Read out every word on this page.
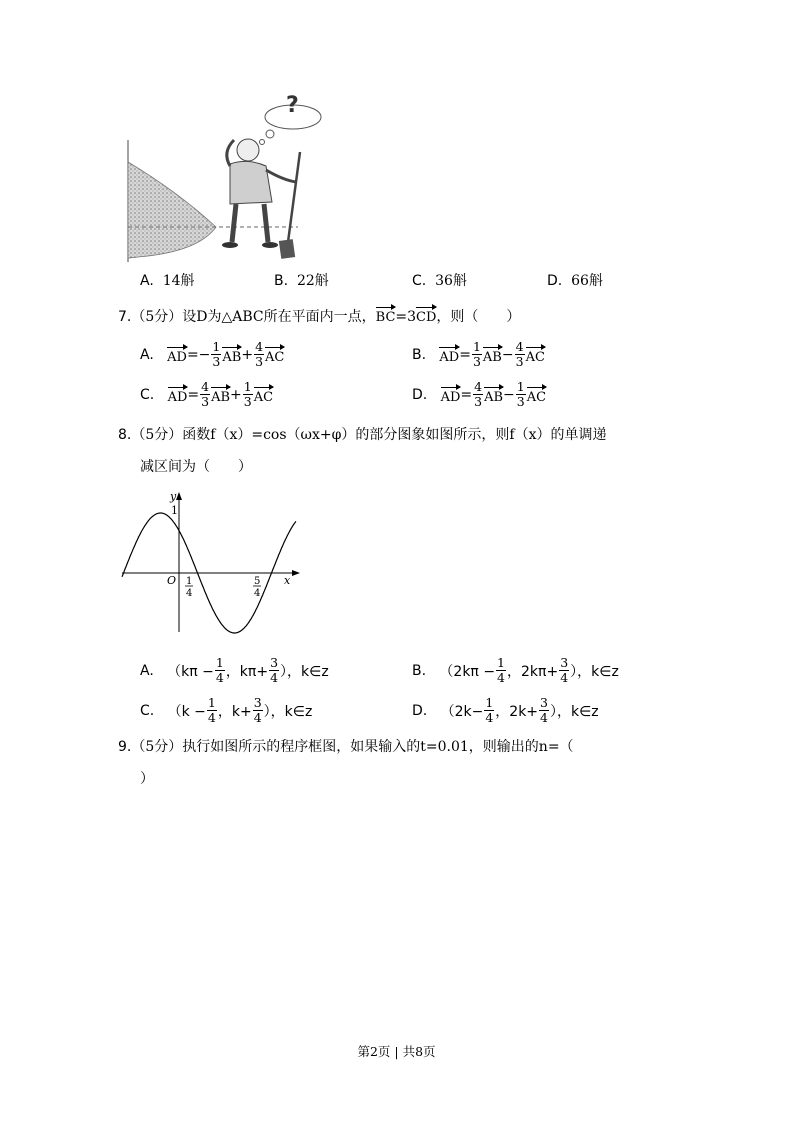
?
A. 14斛	B. 22斛	C. 36斛	D. 66斛
7.（5分）设D为△ABC所在平面内一点，BC=3CD，则（　　）
A.
AD =− $\frac{1}{3}$ AB + $\frac{4}{3}$ AC	B.
AD = $\frac{1}{3}$ AB − $\frac{4}{3}$ AC
C.
AD = $\frac{4}{3}$ AB + $\frac{1}{3}$ AC	D.
AD = $\frac{4}{3}$ AB − $\frac{1}{3}$ AC
8.（5分）函数f（x）=cos（ωx+φ）的部分图象如图所示，则f（x）的单调递
减区间为（　　）
y
x
O
1
1
4
5
4
A.
（$k\pi - \frac{1}{4}$ ，$k\pi+ \frac{3}{4}$ ），k∈z	B.
（$2k\pi - \frac{1}{4}$ ，$2k\pi+ \frac{3}{4}$ ），k∈z
C.
（$k - \frac{1}{4}$ ，$k+ \frac{3}{4}$ ），k∈z	D.
（$2k- \frac{1}{4}$ ，$2k+ \frac{3}{4}$ ），k∈z
9.（5分）执行如图所示的程序框图，如果输入的t=0.01，则输出的n=（
）
第2页 | 共8页
